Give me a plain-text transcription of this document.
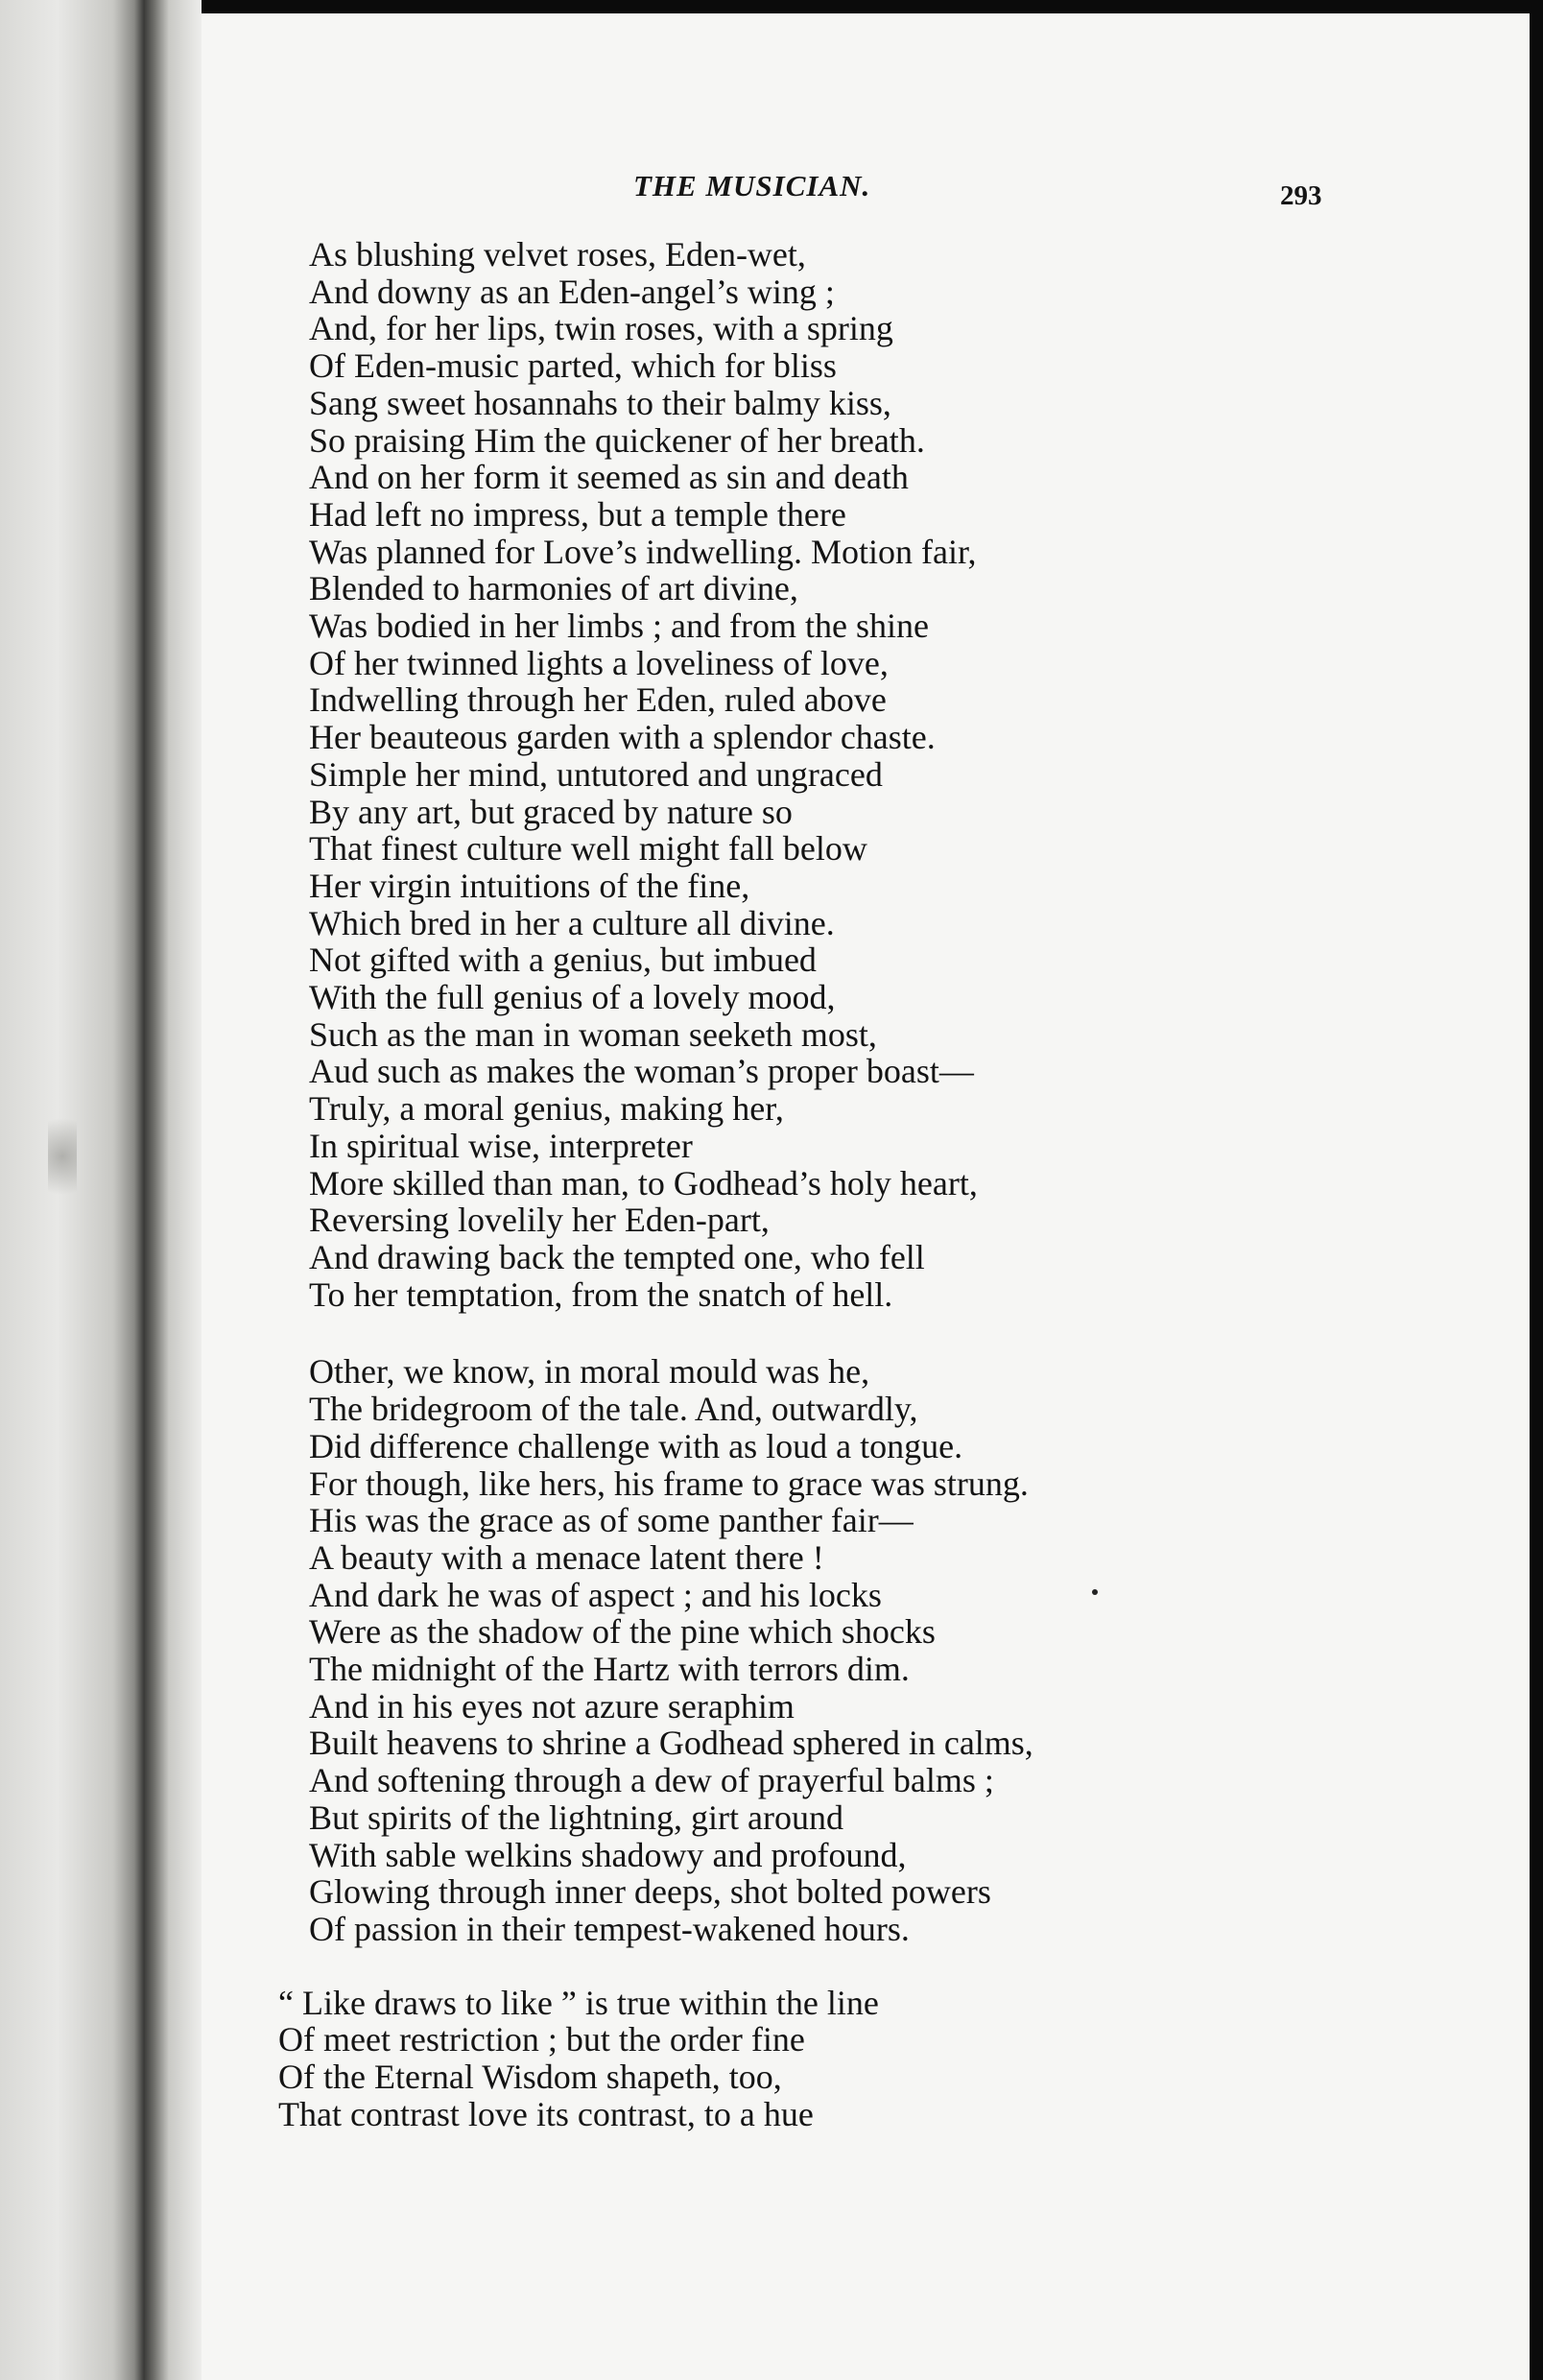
THE MUSICIAN.	293
As blushing velvet roses, Eden-wet,
And downy as an Eden-angel’s wing ;
And, for her lips, twin roses, with a spring
Of Eden-music parted, which for bliss
Sang sweet hosannahs to their balmy kiss,
So praising Him the quickener of her breath.
And on her form it seemed as sin and death
Had left no impress, but a temple there
Was planned for Love’s indwelling. Motion fair,
Blended to harmonies of art divine,
Was bodied in her limbs ; and from the shine
Of her twinned lights a loveliness of love,
Indwelling through her Eden, ruled above
Her beauteous garden with a splendor chaste.
Simple her mind, untutored and ungraced
By any art, but graced by nature so
That finest culture well might fall below
Her virgin intuitions of the fine,
Which bred in her a culture all divine.
Not gifted with a genius, but imbued
With the full genius of a lovely mood,
Such as the man in woman seeketh most,
Aud such as makes the woman’s proper boast—
Truly, a moral genius, making her,
In spiritual wise, interpreter
More skilled than man, to Godhead’s holy heart,
Reversing lovelily her Eden-part,
And drawing back the tempted one, who fell
To her temptation, from the snatch of hell.
Other, we know, in moral mould was he,
The bridegroom of the tale. And, outwardly,
Did difference challenge with as loud a tongue.
For though, like hers, his frame to grace was strung.
His was the grace as of some panther fair—
A beauty with a menace latent there !
And dark he was of aspect ; and his locks
Were as the shadow of the pine which shocks
The midnight of the Hartz with terrors dim.
And in his eyes not azure seraphim
Built heavens to shrine a Godhead sphered in calms,
And softening through a dew of prayerful balms ;
But spirits of the lightning, girt around
With sable welkins shadowy and profound,
Glowing through inner deeps, shot bolted powers
Of passion in their tempest-wakened hours.
“ Like draws to like ” is true within the line
Of meet restriction ; but the order fine
Of the Eternal Wisdom shapeth, too,
That contrast love its contrast, to a hue
